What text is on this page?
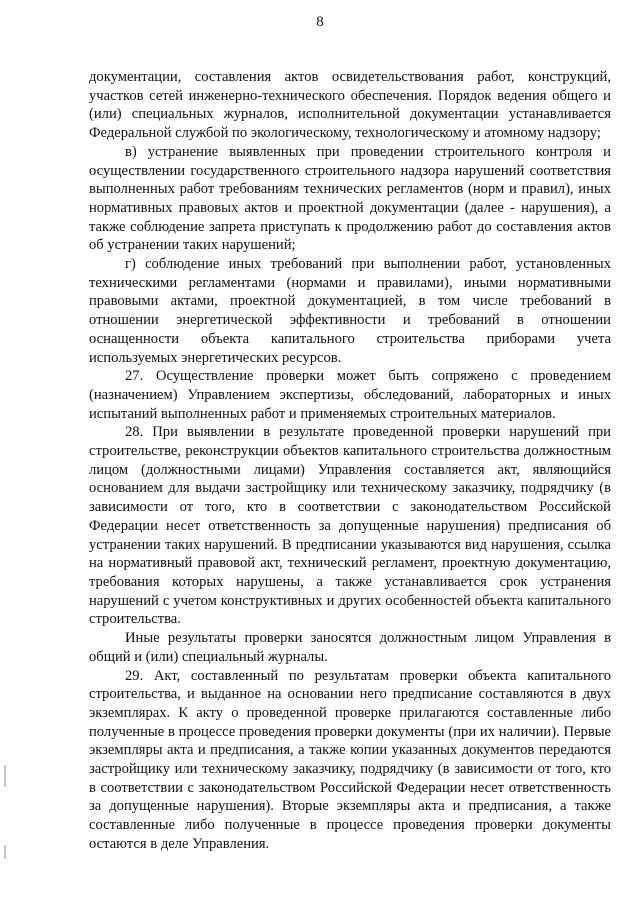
8

документации, составления актов освидетельствования работ, конструкций, участков сетей инженерно-технического обеспечения. Порядок ведения общего и (или) специальных журналов, исполнительной документации устанавливается Федеральной службой по экологическому, технологическому и атомному надзору;

в) устранение выявленных при проведении строительного контроля и осуществлении государственного строительного надзора нарушений соответствия выполненных работ требованиям технических регламентов (норм и правил), иных нормативных правовых актов и проектной документации (далее - нарушения), а также соблюдение запрета приступать к продолжению работ до составления актов об устранении таких нарушений;

г) соблюдение иных требований при выполнении работ, установленных техническими регламентами (нормами и правилами), иными нормативными правовыми актами, проектной документацией, в том числе требований в отношении энергетической эффективности и требований в отношении оснащенности объекта капитального строительства приборами учета используемых энергетических ресурсов.

27. Осуществление проверки может быть сопряжено с проведением (назначением) Управлением экспертизы, обследований, лабораторных и иных испытаний выполненных работ и применяемых строительных материалов.

28. При выявлении в результате проведенной проверки нарушений при строительстве, реконструкции объектов капитального строительства должностным лицом (должностными лицами) Управления составляется акт, являющийся основанием для выдачи застройщику или техническому заказчику, подрядчику (в зависимости от того, кто в соответствии с законодательством Российской Федерации несет ответственность за допущенные нарушения) предписания об устранении таких нарушений. В предписании указываются вид нарушения, ссылка на нормативный правовой акт, технический регламент, проектную документацию, требования которых нарушены, а также устанавливается срок устранения нарушений с учетом конструктивных и других особенностей объекта капитального строительства.

Иные результаты проверки заносятся должностным лицом Управления в общий и (или) специальный журналы.

29. Акт, составленный по результатам проверки объекта капитального строительства, и выданное на основании него предписание составляются в двух экземплярах. К акту о проведенной проверке прилагаются составленные либо полученные в процессе проведения проверки документы (при их наличии). Первые экземпляры акта и предписания, а также копии указанных документов передаются застройщику или техническому заказчику, подрядчику (в зависимости от того, кто в соответствии с законодательством Российской Федерации несет ответственность за допущенные нарушения). Вторые экземпляры акта и предписания, а также составленные либо полученные в процессе проведения проверки документы остаются в деле Управления.
